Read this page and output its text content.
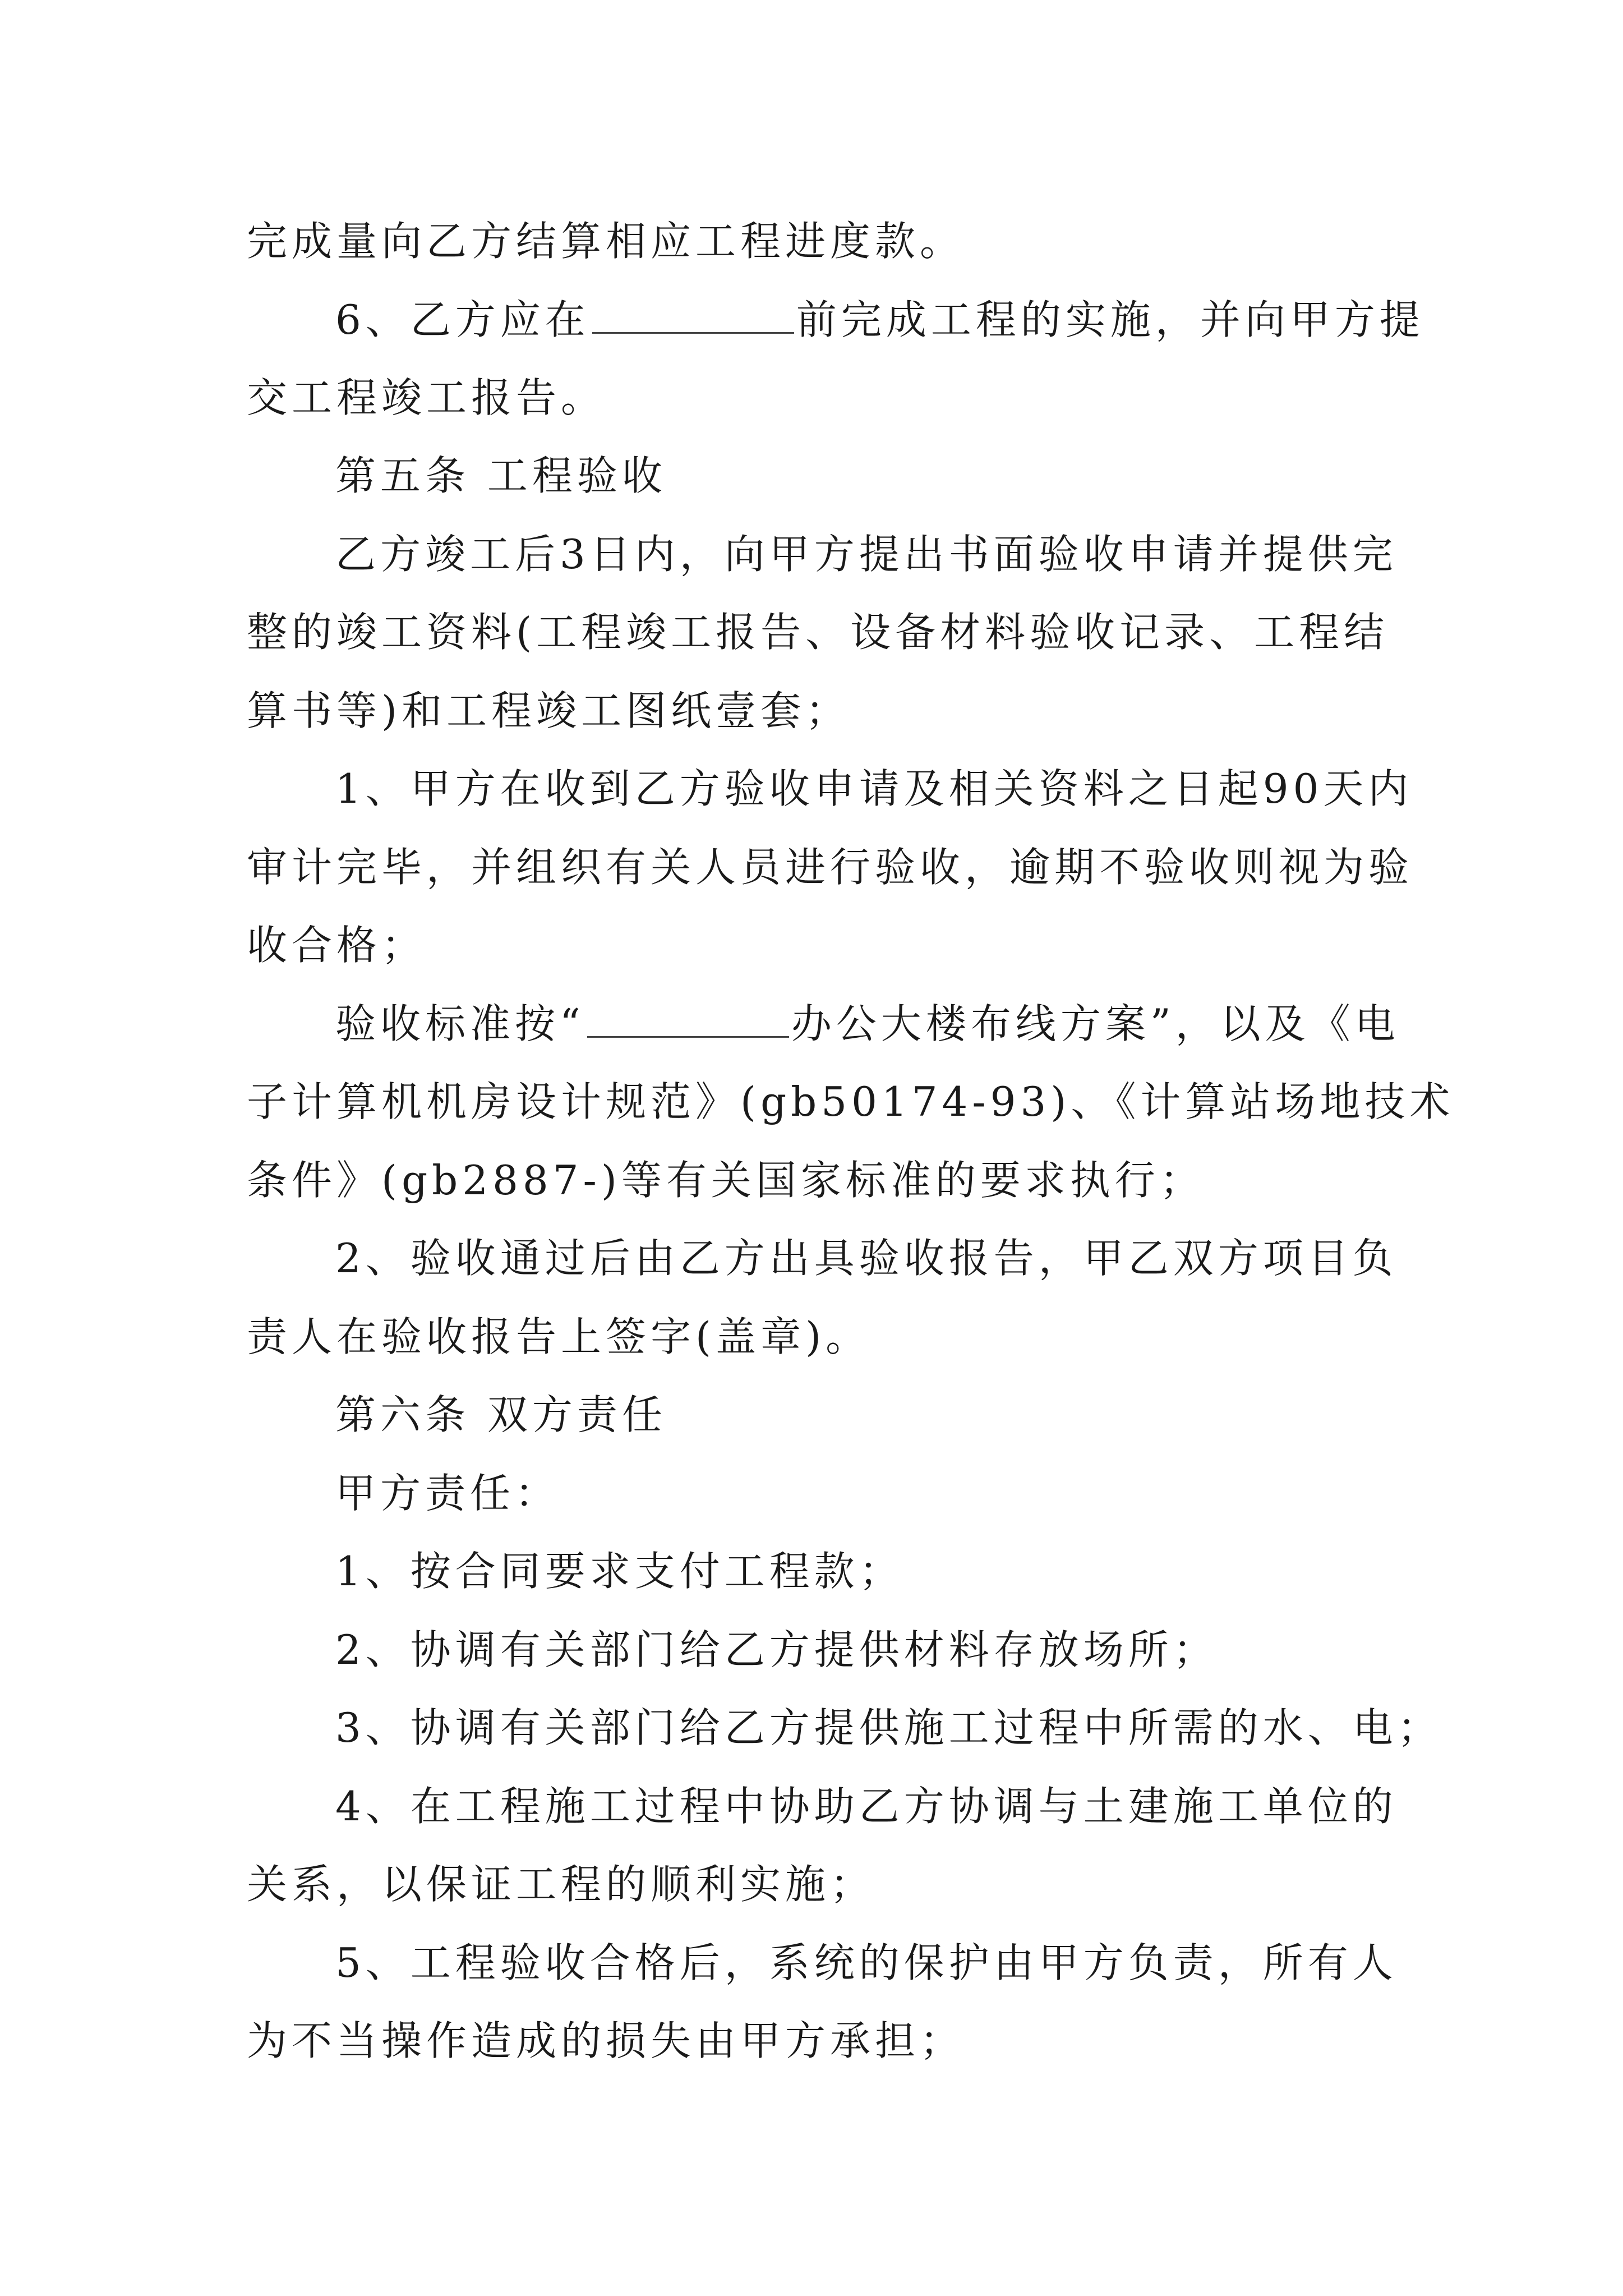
完成量向乙方结算相应工程进度款。
6、乙方应在	前完成工程的实施，并向甲方提
交工程竣工报告。
第五条 工程验收
乙方竣工后3日内，向甲方提出书面验收申请并提供完
整的竣工资料(工程竣工报告、设备材料验收记录、工程结
算书等)和工程竣工图纸壹套；
1、甲方在收到乙方验收申请及相关资料之日起90天内
审计完毕，并组织有关人员进行验收，逾期不验收则视为验
收合格；
验收标准按“	办公大楼布线方案”，以及《电
子计算机机房设计规范》(gb50174-93)、《计算站场地技术
条件》(gb2887-)等有关国家标准的要求执行；
2、验收通过后由乙方出具验收报告，甲乙双方项目负
责人在验收报告上签字(盖章)。
第六条 双方责任
甲方责任：
1、按合同要求支付工程款；
2、协调有关部门给乙方提供材料存放场所；
3、协调有关部门给乙方提供施工过程中所需的水、电；
4、在工程施工过程中协助乙方协调与土建施工单位的
关系，以保证工程的顺利实施；
5、工程验收合格后，系统的保护由甲方负责，所有人
为不当操作造成的损失由甲方承担；
